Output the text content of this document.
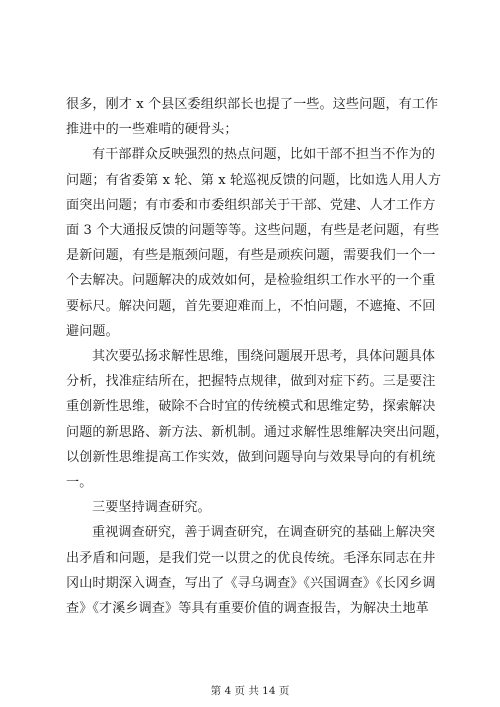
很多，刚才 x 个县区委组织部长也提了一些。这些问题，有工作
推进中的一些难啃的硬骨头；

有干部群众反映强烈的热点问题，比如干部不担当不作为的
问题；有省委第 x 轮、第 x 轮巡视反馈的问题，比如选人用人方
面突出问题；有市委和市委组织部关于干部、党建、人才工作方
面 3 个大通报反馈的问题等等。这些问题，有些是老问题，有些
是新问题，有些是瓶颈问题，有些是顽疾问题，需要我们一个一
个去解决。问题解决的成效如何，是检验组织工作水平的一个重
要标尺。解决问题，首先要迎难而上，不怕问题，不遮掩、不回
避问题。

其次要弘扬求解性思维，围绕问题展开思考，具体问题具体
分析，找准症结所在，把握特点规律，做到对症下药。三是要注
重创新性思维，破除不合时宜的传统模式和思维定势，探索解决
问题的新思路、新方法、新机制。通过求解性思维解决突出问题，
以创新性思维提高工作实效，做到问题导向与效果导向的有机统
一。

三要坚持调查研究。

重视调查研究，善于调查研究，在调查研究的基础上解决突
出矛盾和问题，是我们党一以贯之的优良传统。毛泽东同志在井
冈山时期深入调查，写出了《寻乌调查》《兴国调查》《长冈乡调
查》《才溪乡调查》等具有重要价值的调查报告，为解决土地革

第 4 页 共 14 页
